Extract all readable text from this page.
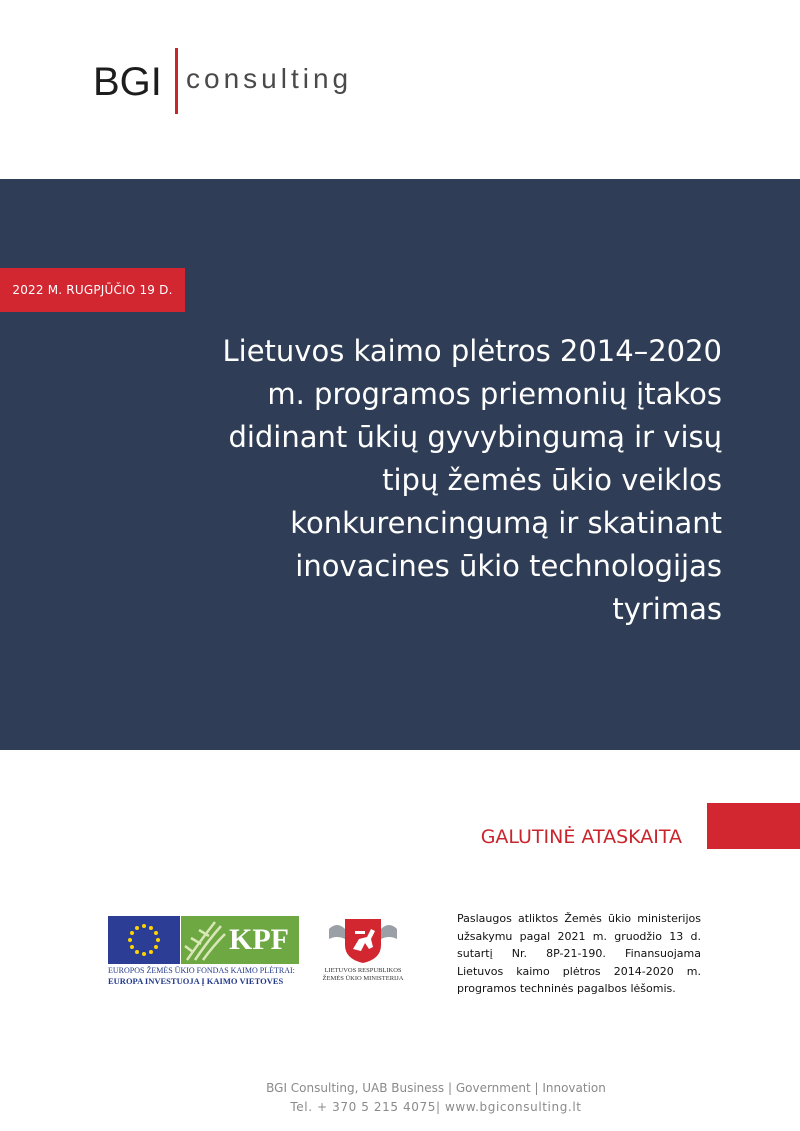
BGI consulting
2022 M. RUGPJŪČIO 19 D.
Lietuvos kaimo plėtros 2014–2020
m. programos priemonių įtakos
didinant ūkių gyvybingumą ir visų
tipų žemės ūkio veiklos
konkurencingumą ir skatinant
inovacines ūkio technologijas
tyrimas
GALUTINĖ ATASKAITA
KPF
EUROPOS ŽEMĖS ŪKIO FONDAS KAIMO PLĖTRAI:
EUROPA INVESTUOJA Į KAIMO VIETOVES
LIETUVOS RESPUBLIKOS
ŽEMĖS ŪKIO MINISTERIJA

Paslaugos atliktos Žemės ūkio ministerijos užsakymu pagal 2021 m. gruodžio 13 d. sutartį Nr. 8P-21-190. Finansuojama Lietuvos kaimo plėtros 2014-2020 m. programos techninės pagalbos lėšomis.

BGI Consulting, UAB Business | Government | Innovation
Tel. + 370 5 215 4075| www.bgiconsulting.lt
